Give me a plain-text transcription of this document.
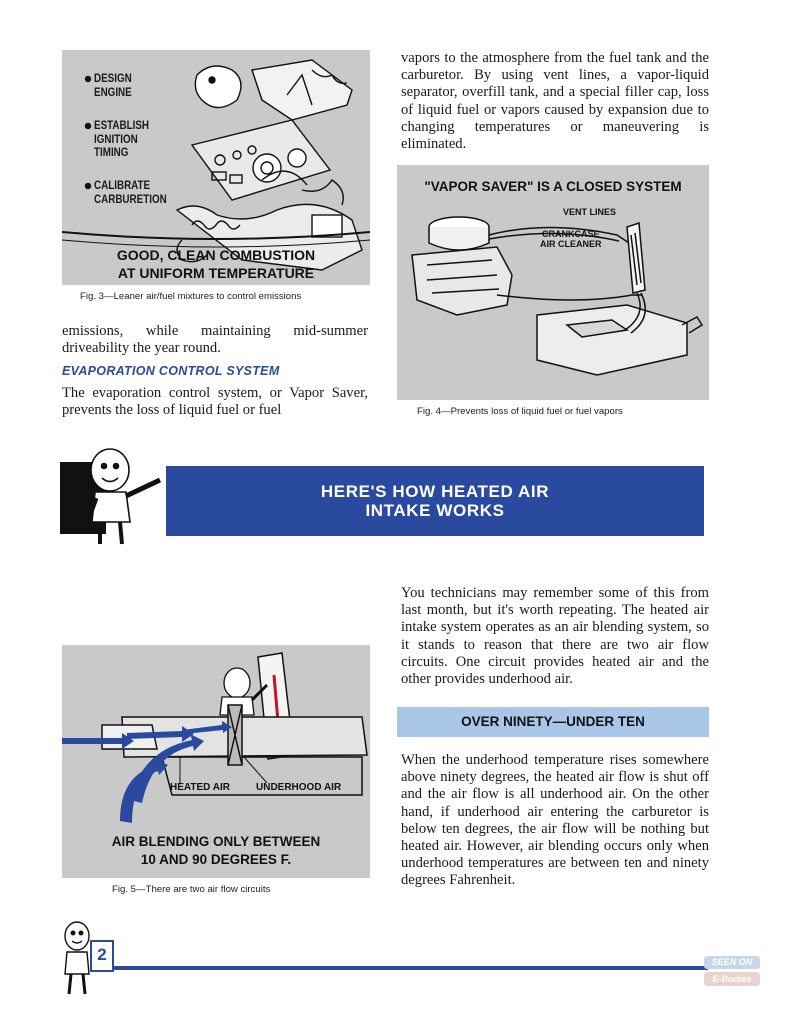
DESIGN
ENGINE
ESTABLISH
IGNITION
TIMING
CALIBRATE
CARBURETION
GOOD, CLEAN COMBUSTION
AT UNIFORM TEMPERATURE
Fig. 3—Leaner air/fuel mixtures to control emissions
emissions, while maintaining mid-summer driveability the year round.
EVAPORATION CONTROL SYSTEM
The evaporation control system, or Vapor Saver, prevents the loss of liquid fuel or fuel
vapors to the atmosphere from the fuel tank and the carburetor. By using vent lines, a vapor-liquid separator, overfill tank, and a special filler cap, loss of liquid fuel or vapors caused by expansion due to changing temperatures or maneuvering is eliminated.
"VAPOR SAVER" IS A CLOSED SYSTEM
VENT LINES
CRANKCASE
AIR CLEANER
Fig. 4—Prevents loss of liquid fuel or fuel vapors
HERE'S HOW HEATED AIR
INTAKE WORKS
HEATED AIR	UNDERHOOD AIR
AIR BLENDING ONLY BETWEEN
10 AND 90 DEGREES F.
Fig. 5—There are two air flow circuits
You technicians may remember some of this from last month, but it's worth repeating. The heated air intake system operates as an air blending system, so it stands to reason that there are two air flow circuits. One circuit provides heated air and the other provides underhood air.
OVER NINETY—UNDER TEN
When the underhood temperature rises somewhere above ninety degrees, the heated air flow is shut off and the air flow is all underhood air. On the other hand, if underhood air entering the carburetor is below ten degrees, the air flow will be nothing but heated air. However, air blending occurs only when underhood temperatures are between ten and ninety degrees Fahrenheit.
2	SEEN ON
E-Bodies
